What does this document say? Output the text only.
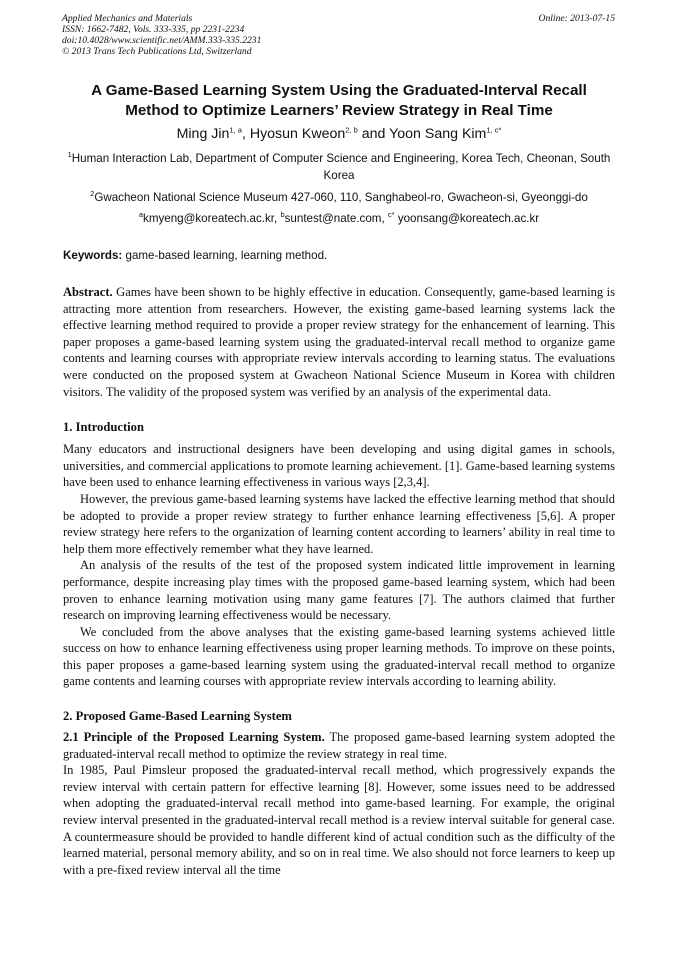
Applied Mechanics and Materials
ISSN: 1662-7482, Vols. 333-335, pp 2231-2234
doi:10.4028/www.scientific.net/AMM.333-335.2231
© 2013 Trans Tech Publications Ltd, Switzerland
Online: 2013-07-15
A Game-Based Learning System Using the Graduated-Interval Recall
Method to Optimize Learners’ Review Strategy in Real Time
Ming Jin$^{1, a}$, Hyosun Kweon$^{2, b}$ and Yoon Sang Kim$^{1, c*}$
$^1$Human Interaction Lab, Department of Computer Science and Engineering, Korea Tech, Cheonan, South Korea
$^2$Gwacheon National Science Museum 427-060, 110, Sanghabeol-ro, Gwacheon-si, Gyeonggi-do
$^a$kmyeng@koreatech.ac.kr, $^b$suntest@nate.com, $^{c*}$ yoonsang@koreatech.ac.kr
Keywords: game-based learning, learning method.

Abstract. Games have been shown to be highly effective in education. Consequently, game-based learning is attracting more attention from researchers. However, the existing game-based learning systems lack the effective learning method required to provide a proper review strategy for the enhancement of learning. This paper proposes a game-based learning system using the graduated-interval recall method to organize game contents and learning courses with appropriate review intervals according to learning status. The evaluations were conducted on the proposed system at Gwacheon National Science Museum in Korea with children visitors. The validity of the proposed system was verified by an analysis of the experimental data.

1. Introduction

Many educators and instructional designers have been developing and using digital games in schools, universities, and commercial applications to promote learning achievement. [1]. Game-based learning systems have been used to enhance learning effectiveness in various ways [2,3,4].

However, the previous game-based learning systems have lacked the effective learning method that should be adopted to provide a proper review strategy to further enhance learning effectiveness [5,6]. A proper review strategy here refers to the organization of learning content according to learners’ ability in real time to help them more effectively remember what they have learned.

An analysis of the results of the test of the proposed system indicated little improvement in learning performance, despite increasing play times with the proposed game-based learning system, which had been proven to enhance learning motivation using many game features [7]. The authors claimed that further research on improving learning effectiveness would be necessary.

We concluded from the above analyses that the existing game-based learning systems achieved little success on how to enhance learning effectiveness using proper learning methods. To improve on these points, this paper proposes a game-based learning system using the graduated-interval recall method to organize game contents and learning courses with appropriate review intervals according to learning ability.

2. Proposed Game-Based Learning System

2.1 Principle of the Proposed Learning System. The proposed game-based learning system adopted the graduated-interval recall method to optimize the review strategy in real time.

In 1985, Paul Pimsleur proposed the graduated-interval recall method, which progressively expands the review interval with certain pattern for effective learning [8]. However, some issues need to be addressed when adopting the graduated-interval recall method into game-based learning. For example, the original review interval presented in the graduated-interval recall method is a review interval suitable for general case. A countermeasure should be provided to handle different kind of actual condition such as the difficulty of the learned material, personal memory ability, and so on in real time. We also should not force learners to keep up with a pre-fixed review interval all the time
